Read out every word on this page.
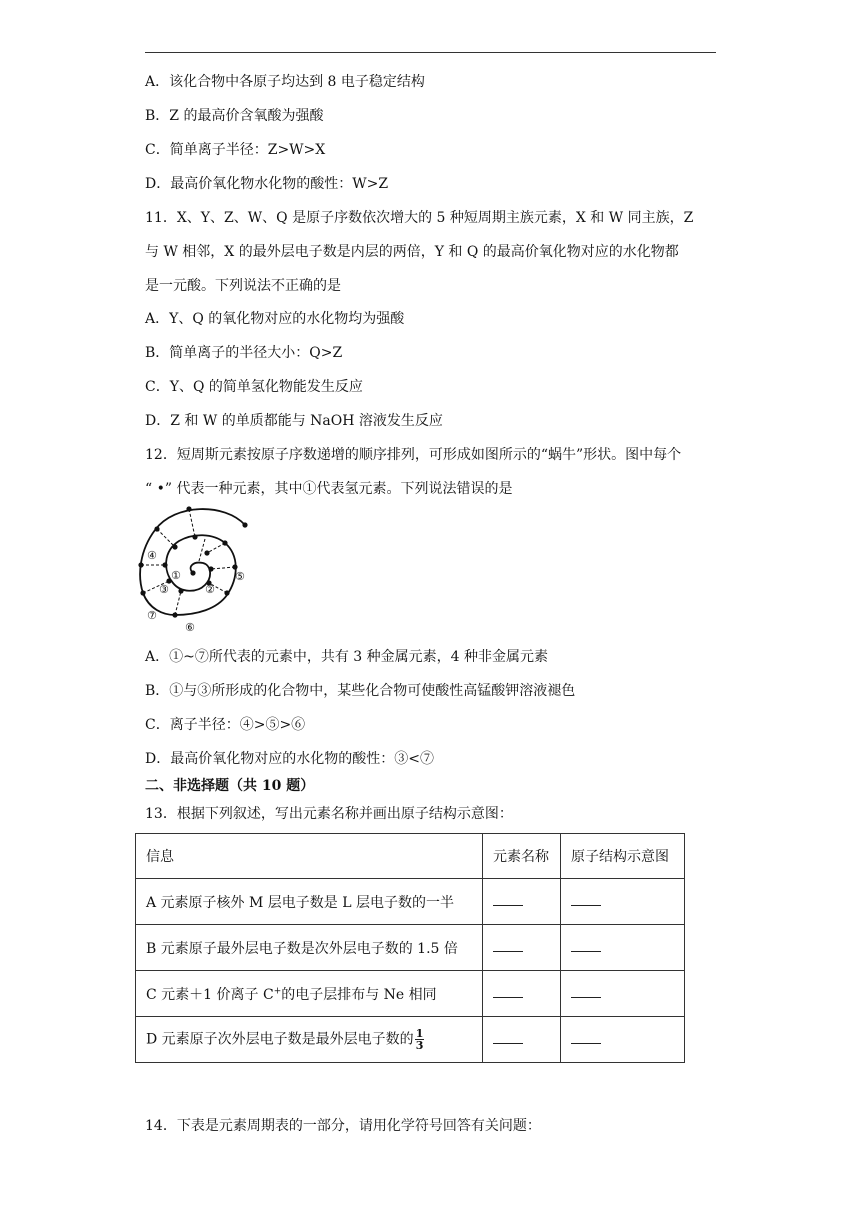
A．该化合物中各原子均达到 8 电子稳定结构
B．Z 的最高价含氧酸为强酸
C．简单离子半径：Z>W>X
D．最高价氧化物水化物的酸性：W>Z
11．X、Y、Z、W、Q 是原子序数依次增大的 5 种短周期主族元素，X 和 W 同主族，Z
与 W 相邻，X 的最外层电子数是内层的两倍，Y 和 Q 的最高价氧化物对应的水化物都
是一元酸。下列说法不正确的是
A．Y、Q 的氧化物对应的水化物均为强酸
B．简单离子的半径大小：Q>Z
C．Y、Q 的简单氢化物能发生反应
D．Z 和 W 的单质都能与 NaOH 溶液发生反应
12．短周斯元素按原子序数递增的顺序排列，可形成如图所示的“蜗牛”形状。图中每个
“ •” 代表一种元素，其中①代表氢元素。下列说法错误的是
①
②
③
④
⑤
⑥
⑦
A．①~⑦所代表的元素中，共有 3 种金属元素，4 种非金属元素
B．①与③所形成的化合物中，某些化合物可使酸性高锰酸钾溶液褪色
C．离子半径：④>⑤>⑥
D．最高价氧化物对应的水化物的酸性：③<⑦
二、非选择题（共 10 题）
13．根据下列叙述，写出元素名称并画出原子结构示意图：
信息	元素名称	原子结构示意图
A 元素原子核外 M 层电子数是 L 层电子数的一半		
B 元素原子最外层电子数是次外层电子数的 1.5 倍		
C 元素＋1 价离子 C+的电子层排布与 Ne 相同		
D 元素原子次外层电子数是最外层电子数的 $\frac{1}{3}$

14．下表是元素周期表的一部分，请用化学符号回答有关问题：
